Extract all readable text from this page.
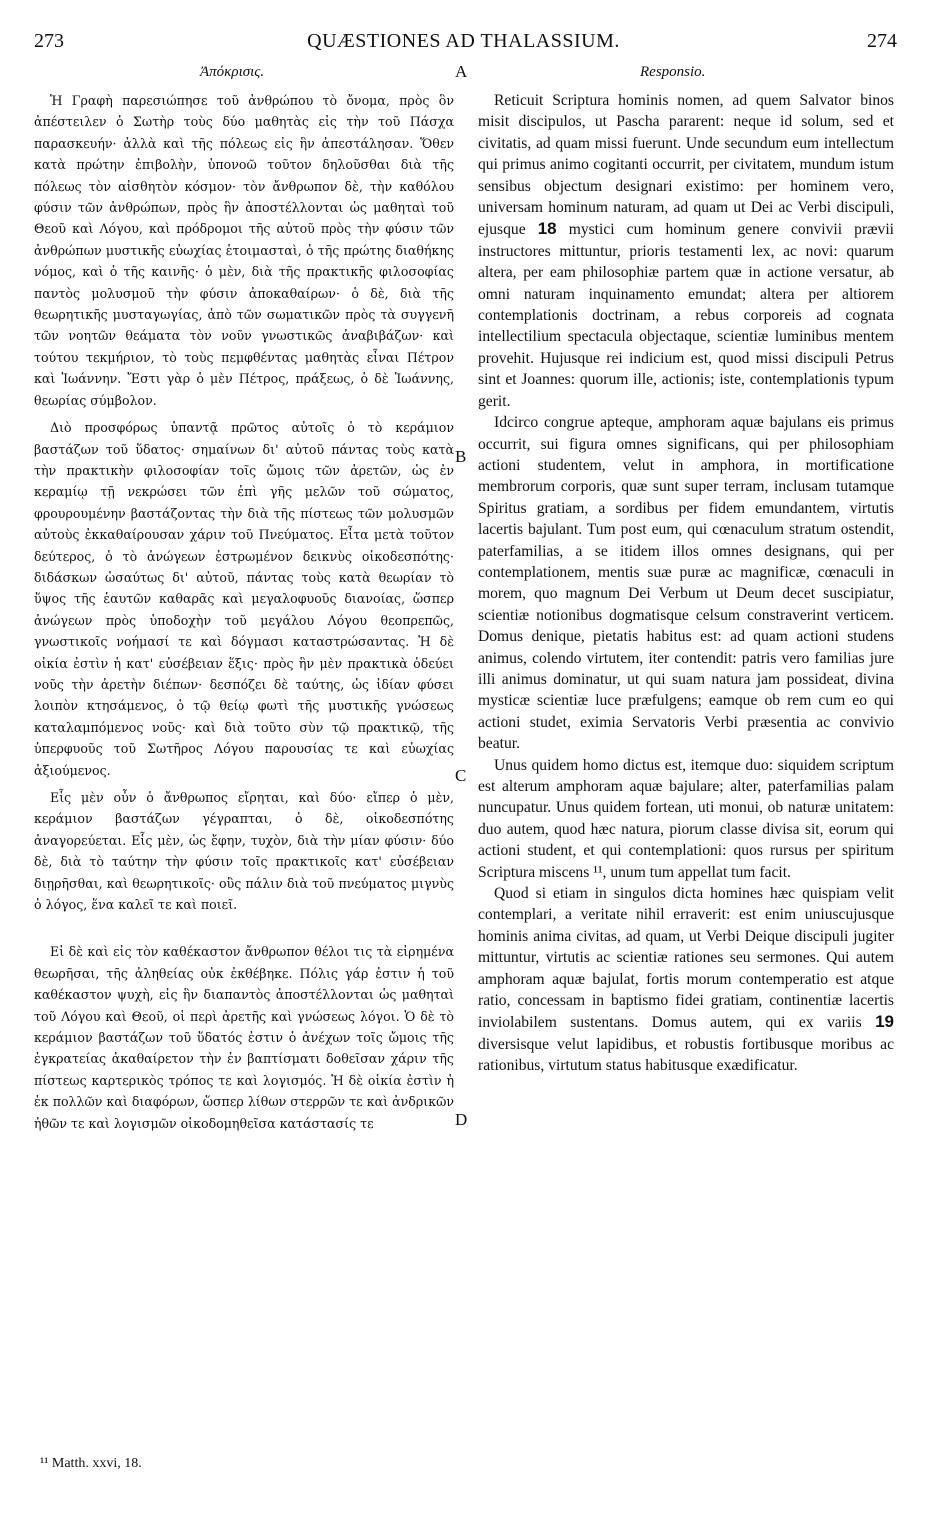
273	QUÆSTIONES AD THALASSIUM.	274
Ἀπόκρισις.	Responsio.
A
B
C
D

Ἡ Γραφὴ παρεσιώπησε τοῦ ἀνθρώπου τὸ ὄνομα, πρὸς ὃν ἀπέστειλεν ὁ Σωτὴρ τοὺς δύο μαθητὰς εἰς τὴν τοῦ Πάσχα παρασκευήν· ἀλλὰ καὶ τῆς πόλεως εἰς ἣν ἀπεστάλησαν. Ὅθεν κατὰ πρώτην ἐπιβολὴν, ὑπονοῶ τοῦτον δηλοῦσθαι διὰ τῆς πόλεως τὸν αἰσθητὸν κόσμον· τὸν ἄνθρωπον δὲ, τὴν καθόλου φύσιν τῶν ἀνθρώπων, πρὸς ἣν ἀποστέλλονται ὡς μαθηταὶ τοῦ Θεοῦ καὶ Λόγου, καὶ πρόδρομοι τῆς αὐτοῦ πρὸς τὴν φύσιν τῶν ἀνθρώπων μυστικῆς εὐωχίας ἑτοιμασταὶ, ὁ τῆς πρώτης διαθήκης νόμος, καὶ ὁ τῆς καινῆς· ὁ μὲν, διὰ τῆς πρακτικῆς φιλοσοφίας παντὸς μολυσμοῦ τὴν φύσιν ἀποκαθαίρων· ὁ δὲ, διὰ τῆς θεωρητικῆς μυσταγωγίας, ἀπὸ τῶν σωματικῶν πρὸς τὰ συγγενῆ τῶν νοητῶν θεάματα τὸν νοῦν γνωστικῶς ἀναβιβάζων· καὶ τούτου τεκμήριον, τὸ τοὺς πεμφθέντας μαθητὰς εἶναι Πέτρον καὶ Ἰωάννην. Ἔστι γὰρ ὁ μὲν Πέτρος, πράξεως, ὁ δὲ Ἰωάννης, θεωρίας σύμβολον.

Διὸ προσφόρως ὑπαντᾷ πρῶτος αὐτοῖς ὁ τὸ κεράμιον βαστάζων τοῦ ὕδατος· σημαίνων δι' αὐτοῦ πάντας τοὺς κατὰ τὴν πρακτικὴν φιλοσοφίαν τοῖς ὤμοις τῶν ἀρετῶν, ὡς ἐν κεραμίῳ τῇ νεκρώσει τῶν ἐπὶ γῆς μελῶν τοῦ σώματος, φρουρουμένην βαστάζοντας τὴν διὰ τῆς πίστεως τῶν μολυσμῶν αὐτοὺς ἐκκαθαίρουσαν χάριν τοῦ Πνεύματος. Εἶτα μετὰ τοῦτον δεύτερος, ὁ τὸ ἀνώγεων ἐστρωμένον δεικνὺς οἰκοδεσπότης· διδάσκων ὡσαύτως δι' αὐτοῦ, πάντας τοὺς κατὰ θεωρίαν τὸ ὕψος τῆς ἑαυτῶν καθαρᾶς καὶ μεγαλοφυοῦς διανοίας, ὥσπερ ἀνώγεων πρὸς ὑποδοχὴν τοῦ μεγάλου Λόγου θεοπρεπῶς, γνωστικοῖς νοήμασί τε καὶ δόγμασι καταστρώσαντας. Ἡ δὲ οἰκία ἐστὶν ἡ κατ' εὐσέβειαν ἕξις· πρὸς ἣν μὲν πρακτικὰ ὁδεύει νοῦς τὴν ἀρετὴν διέπων· δεσπόζει δὲ ταύτης, ὡς ἰδίαν φύσει λοιπὸν κτησάμενος, ὁ τῷ θείῳ φωτὶ τῆς μυστικῆς γνώσεως καταλαμπόμενος νοῦς· καὶ διὰ τοῦτο σὺν τῷ πρακτικῷ, τῆς ὑπερφυοῦς τοῦ Σωτῆρος Λόγου παρουσίας τε καὶ εὐωχίας ἀξιούμενος.

Εἷς μὲν οὖν ὁ ἄνθρωπος εἴρηται, καὶ δύο· εἴπερ ὁ μὲν, κεράμιον βαστάζων γέγραπται, ὁ δὲ, οἰκοδεσπότης ἀναγορεύεται. Εἷς μὲν, ὡς ἔφην, τυχὸν, διὰ τὴν μίαν φύσιν· δύο δὲ, διὰ τὸ ταύτην τὴν φύσιν τοῖς πρακτικοῖς κατ' εὐσέβειαν διῃρῆσθαι, καὶ θεωρητικοῖς· οὓς πάλιν διὰ τοῦ πνεύματος μιγνὺς ὁ λόγος, ἕνα καλεῖ τε καὶ ποιεῖ.

Εἰ δὲ καὶ εἰς τὸν καθέκαστον ἄνθρωπον θέλοι τις τὰ εἰρημένα θεωρῆσαι, τῆς ἀληθείας οὐκ ἐκθέβηκε. Πόλις γάρ ἐστιν ἡ τοῦ καθέκαστον ψυχὴ, εἰς ἣν διαπαντὸς ἀποστέλλονται ὡς μαθηταὶ τοῦ Λόγου καὶ Θεοῦ, οἱ περὶ ἀρετῆς καὶ γνώσεως λόγοι. Ὁ δὲ τὸ κεράμιον βαστάζων τοῦ ὕδατός ἐστιν ὁ ἀνέχων τοῖς ὤμοις τῆς ἐγκρατείας ἀκαθαίρετον τὴν ἐν βαπτίσματι δοθεῖσαν χάριν τῆς πίστεως καρτερικὸς τρόπος τε καὶ λογισμός. Ἡ δὲ οἰκία ἐστὶν ἡ ἐκ πολλῶν καὶ διαφόρων, ὥσπερ λίθων στερρῶν τε καὶ ἀνδρικῶν ἠθῶν τε καὶ λογισμῶν οἰκοδομηθεῖσα κατάστασίς τε

Reticuit Scriptura hominis nomen, ad quem Salvator binos misit discipulos, ut Pascha pararent: neque id solum, sed et civitatis, ad quam missi fuerunt. Unde secundum eum intellectum qui primus animo cogitanti occurrit, per civitatem, mundum istum sensibus objectum designari existimo: per hominem vero, universam hominum naturam, ad quam ut Dei ac Verbi discipuli, ejusque 18 mystici cum hominum genere convivii prævii instructores mittuntur, prioris testamenti lex, ac novi: quarum altera, per eam philosophiæ partem quæ in actione versatur, ab omni naturam inquinamento emundat; altera per altiorem contemplationis doctrinam, a rebus corporeis ad cognata intellectilium spectacula objectaque, scientiæ luminibus mentem provehit. Hujusque rei indicium est, quod missi discipuli Petrus sint et Joannes: quorum ille, actionis; iste, contemplationis typum gerit.

Idcirco congrue apteque, amphoram aquæ bajulans eis primus occurrit, sui figura omnes significans, qui per philosophiam actioni studentem, velut in amphora, in mortificatione membrorum corporis, quæ sunt super terram, inclusam tutamque Spiritus gratiam, a sordibus per fidem emundantem, virtutis lacertis bajulant. Tum post eum, qui cœnaculum stratum ostendit, paterfamilias, a se itidem illos omnes designans, qui per contemplationem, mentis suæ puræ ac magnificæ, cœnaculi in morem, quo magnum Dei Verbum ut Deum decet suscipiatur, scientiæ notionibus dogmatisque celsum constraverint verticem. Domus denique, pietatis habitus est: ad quam actioni studens animus, colendo virtutem, iter contendit: patris vero familias jure illi animus dominatur, ut qui suam natura jam possideat, divina mysticæ scientiæ luce præfulgens; eamque ob rem cum eo qui actioni studet, eximia Servatoris Verbi præsentia ac convivio beatur.

Unus quidem homo dictus est, itemque duo: siquidem scriptum est alterum amphoram aquæ bajulare; alter, paterfamilias palam nuncupatur. Unus quidem fortean, uti monui, ob naturæ unitatem: duo autem, quod hæc natura, piorum classe divisa sit, eorum qui actioni student, et qui contemplationi: quos rursus per spiritum Scriptura miscens ¹¹, unum tum appellat tum facit.

Quod si etiam in singulos dicta homines hæc quispiam velit contemplari, a veritate nihil erraverit: est enim uniuscujusque hominis anima civitas, ad quam, ut Verbi Deique discipuli jugiter mittuntur, virtutis ac scientiæ rationes seu sermones. Qui autem amphoram aquæ bajulat, fortis morum contemperatio est atque ratio, concessam in baptismo fidei gratiam, continentiæ lacertis inviolabilem sustentans. Domus autem, qui ex variis 19 diversisque velut lapidibus, et robustis fortibusque moribus ac rationibus, virtutum status habitusque exædificatur.

¹¹ Matth. xxvi, 18.
